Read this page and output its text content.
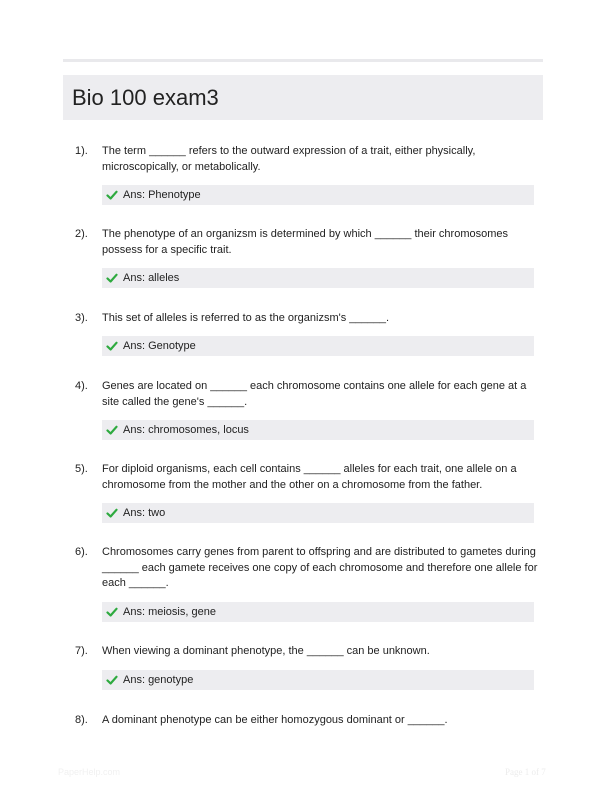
Bio 100 exam3
1). The term ______ refers to the outward expression of a trait, either physically, microscopically, or metabolically.
Ans: Phenotype
2). The phenotype of an organizsm is determined by which ______ their chromosomes possess for a specific trait.
Ans: alleles
3). This set of alleles is referred to as the organizsm's ______.
Ans: Genotype
4). Genes are located on ______ each chromosome contains one allele for each gene at a site called the gene's ______.
Ans: chromosomes, locus
5). For diploid organisms, each cell contains ______ alleles for each trait, one allele on a chromosome from the mother and the other on a chromosome from the father.
Ans: two
6). Chromosomes carry genes from parent to offspring and are distributed to gametes during ______ each gamete receives one copy of each chromosome and therefore one allele for each ______.
Ans: meiosis, gene
7). When viewing a dominant phenotype, the ______ can be unknown.
Ans: genotype
8). A dominant phenotype can be either homozygous dominant or ______.
PaperHelp.com	Page 1 of 7
